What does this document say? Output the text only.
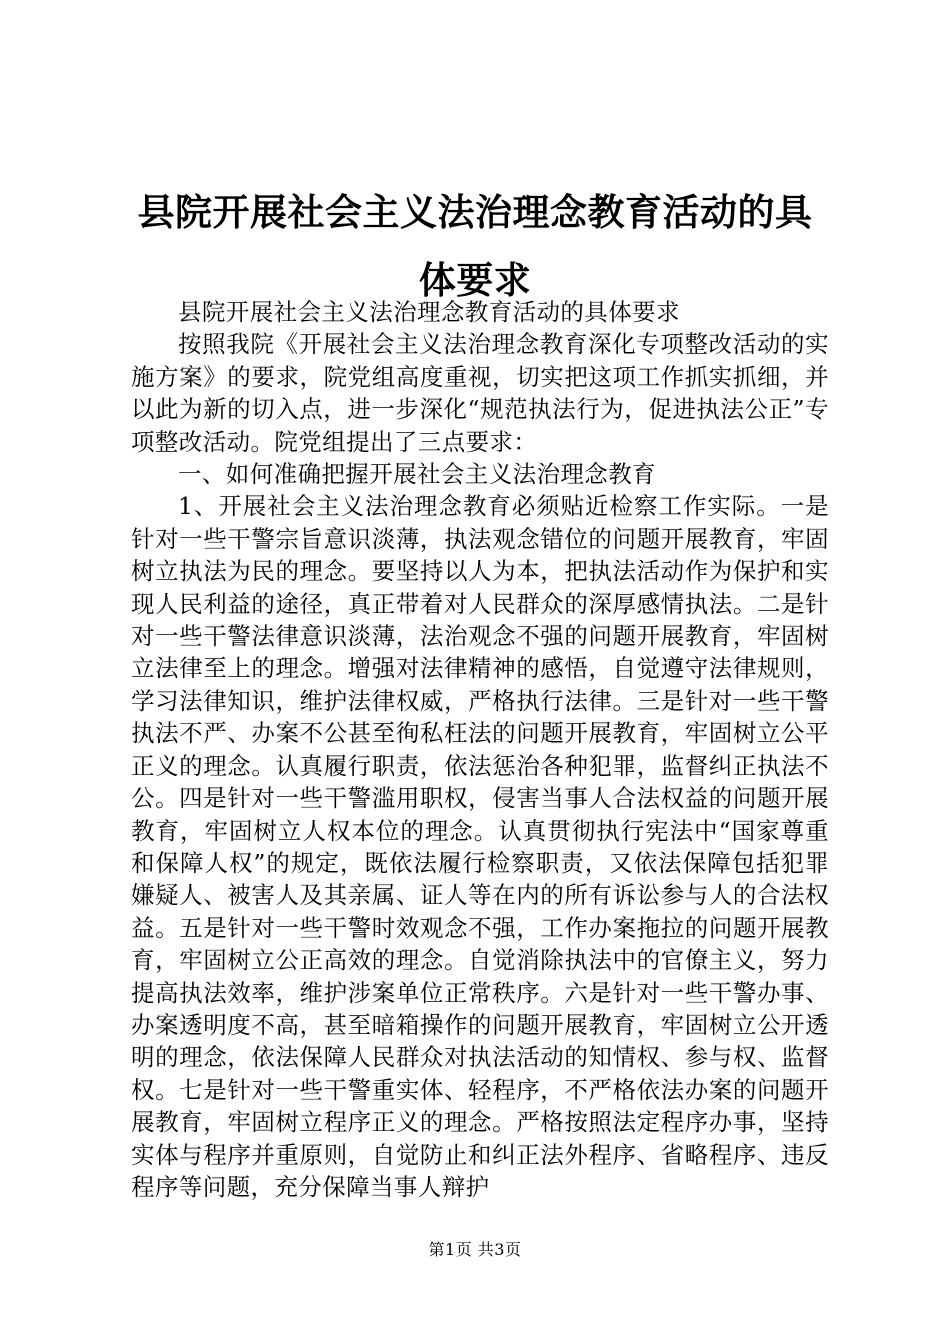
县院开展社会主义法治理念教育活动的具体要求

县院开展社会主义法治理念教育活动的具体要求

按照我院《开展社会主义法治理念教育深化专项整改活动的实施方案》的要求，院党组高度重视，切实把这项工作抓实抓细，并以此为新的切入点，进一步深化“规范执法行为，促进执法公正”专项整改活动。院党组提出了三点要求：

一、如何准确把握开展社会主义法治理念教育

1、开展社会主义法治理念教育必须贴近检察工作实际。一是针对一些干警宗旨意识淡薄，执法观念错位的问题开展教育，牢固树立执法为民的理念。要坚持以人为本，把执法活动作为保护和实现人民利益的途径，真正带着对人民群众的深厚感情执法。二是针对一些干警法律意识淡薄，法治观念不强的问题开展教育，牢固树立法律至上的理念。增强对法律精神的感悟，自觉遵守法律规则，学习法律知识，维护法律权威，严格执行法律。三是针对一些干警执法不严、办案不公甚至徇私枉法的问题开展教育，牢固树立公平正义的理念。认真履行职责，依法惩治各种犯罪，监督纠正执法不公。四是针对一些干警滥用职权，侵害当事人合法权益的问题开展教育，牢固树立人权本位的理念。认真贯彻执行宪法中“国家尊重和保障人权”的规定，既依法履行检察职责，又依法保障包括犯罪嫌疑人、被害人及其亲属、证人等在内的所有诉讼参与人的合法权益。五是针对一些干警时效观念不强，工作办案拖拉的问题开展教育，牢固树立公正高效的理念。自觉消除执法中的官僚主义，努力提高执法效率，维护涉案单位正常秩序。六是针对一些干警办事、办案透明度不高，甚至暗箱操作的问题开展教育，牢固树立公开透明的理念，依法保障人民群众对执法活动的知情权、参与权、监督权。七是针对一些干警重实体、轻程序，不严格依法办案的问题开展教育，牢固树立程序正义的理念。严格按照法定程序办事，坚持实体与程序并重原则，自觉防止和纠正法外程序、省略程序、违反程序等问题，充分保障当事人辩护

第1页 共3页
